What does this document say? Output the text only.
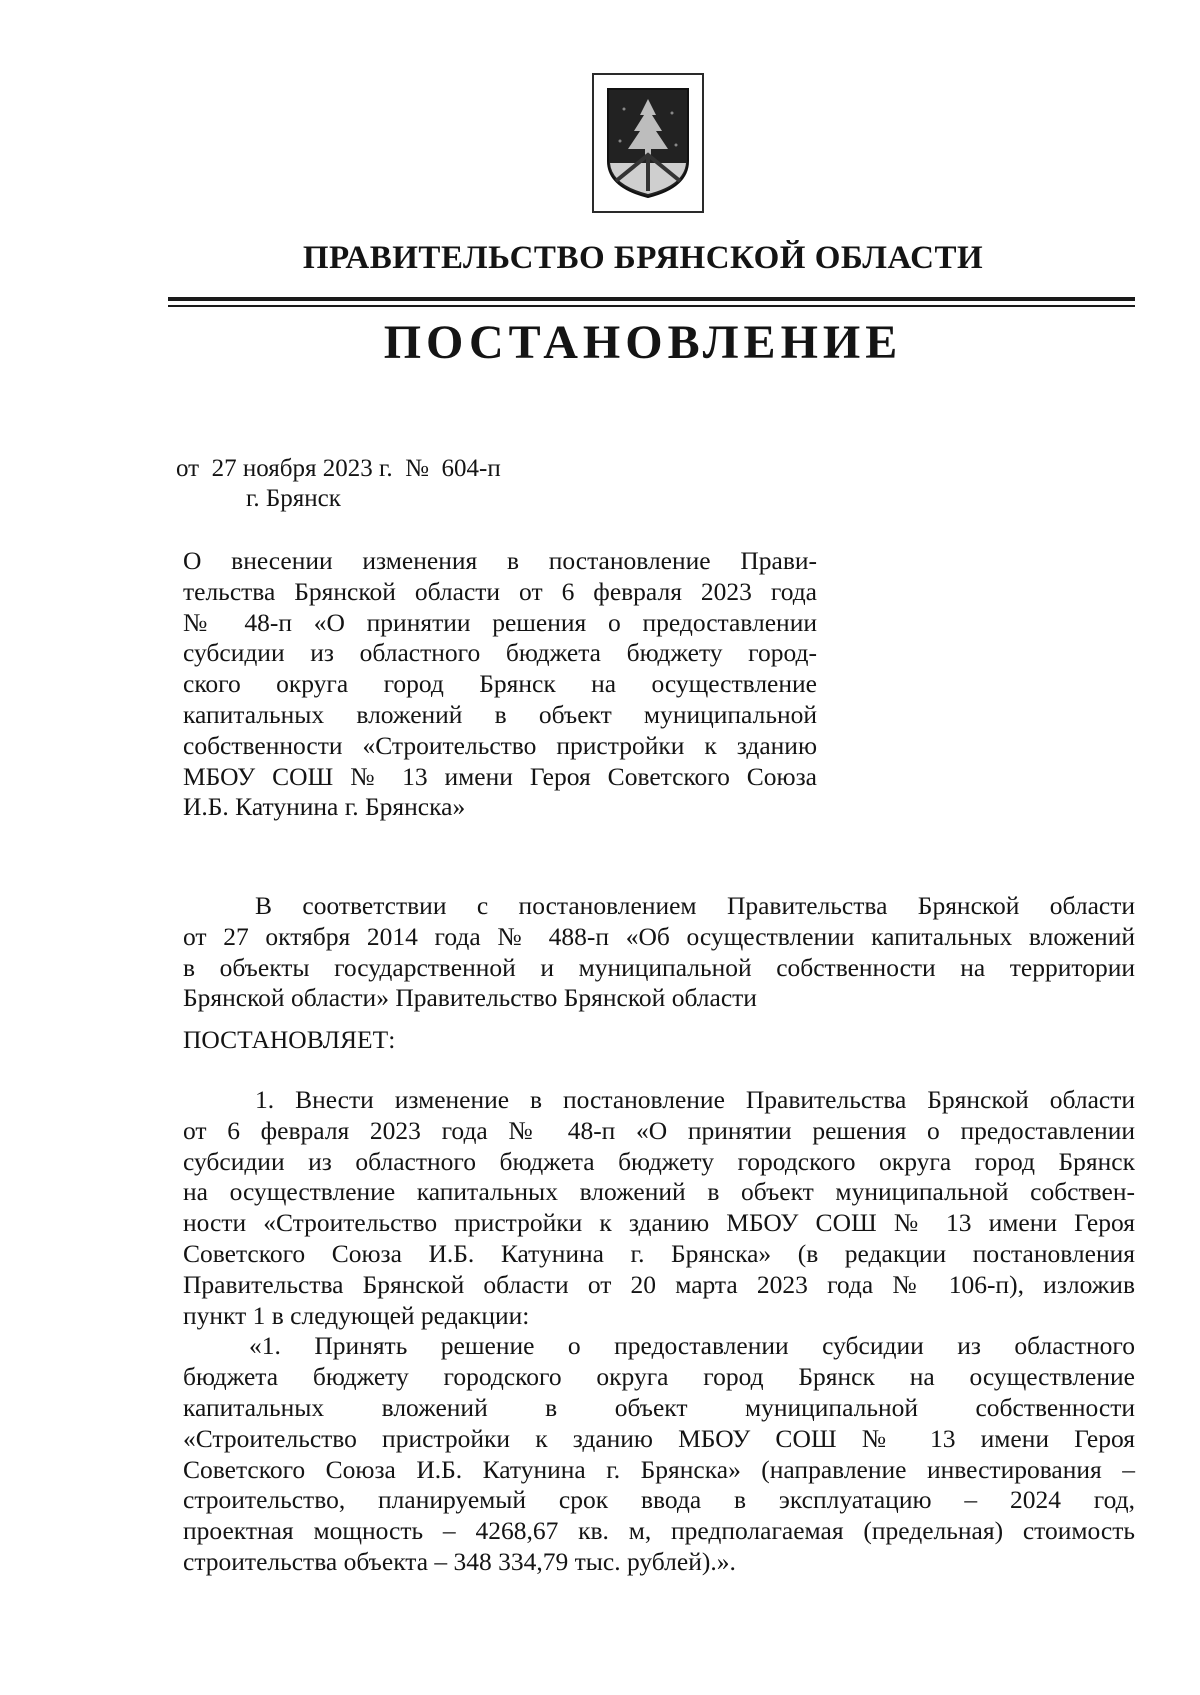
ПРАВИТЕЛЬСТВО БРЯНСКОЙ ОБЛАСТИ
ПОСТАНОВЛЕНИЕ
от  27 ноября 2023 г.  №  604-п
г. Брянск
О внесении изменения в постановление Прави-
тельства Брянской области от 6 февраля 2023 года
№ 48-п «О принятии решения о предоставлении
субсидии из областного бюджета бюджету город-
ского округа город Брянск на осуществление
капитальных вложений в объект муниципальной
собственности «Строительство пристройки к зданию
МБОУ СОШ № 13 имени Героя Советского Союза
И.Б. Катунина г. Брянска»
В соответствии с постановлением Правительства Брянской области
от 27 октября 2014 года № 488-п «Об осуществлении капитальных вложений
в объекты государственной и муниципальной собственности на территории
Брянской области» Правительство Брянской области
ПОСТАНОВЛЯЕТ:
1. Внести изменение в постановление Правительства Брянской области
от 6 февраля 2023 года № 48-п «О принятии решения о предоставлении
субсидии из областного бюджета бюджету городского округа город Брянск
на осуществление капитальных вложений в объект муниципальной собствен-
ности «Строительство пристройки к зданию МБОУ СОШ № 13 имени Героя
Советского Союза И.Б. Катунина г. Брянска» (в редакции постановления
Правительства Брянской области от 20 марта 2023 года № 106-п), изложив
пункт 1 в следующей редакции:
«1. Принять решение о предоставлении субсидии из областного
бюджета бюджету городского округа город Брянск на осуществление
капитальных вложений в объект муниципальной собственности
«Строительство пристройки к зданию МБОУ СОШ № 13 имени Героя
Советского Союза И.Б. Катунина г. Брянска» (направление инвестирования –
строительство, планируемый срок ввода в эксплуатацию – 2024 год,
проектная мощность – 4268,67 кв. м, предполагаемая (предельная) стоимость
строительства объекта – 348 334,79 тыс. рублей).».
